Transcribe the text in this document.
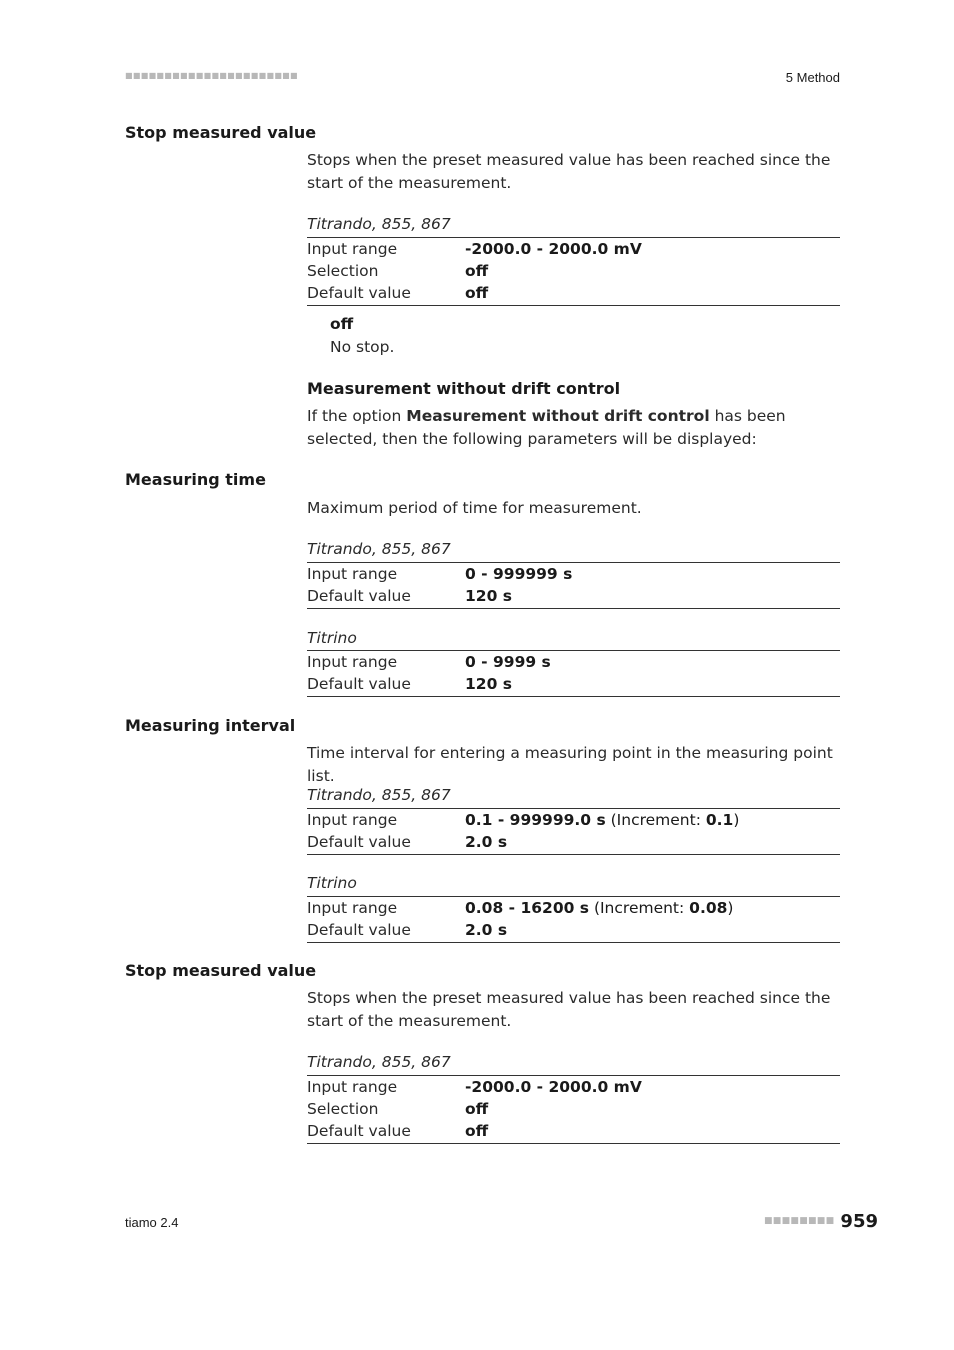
■■■■■■■■■■■■■■■■■■■■■■	5 Method
Stop measured value
Stops when the preset measured value has been reached since the start of the measurement.
Titrando, 855, 867
Input range	-2000.0 - 2000.0 mV
Selection	off
Default value	off
off
No stop.
Measurement without drift control
If the option Measurement without drift control has been selected, then the following parameters will be displayed:
Measuring time
Maximum period of time for measurement.
Titrando, 855, 867
Input range	0 - 999999 s
Default value	120 s
Titrino
Input range	0 - 9999 s
Default value	120 s
Measuring interval
Time interval for entering a measuring point in the measuring point list.
Titrando, 855, 867
Input range	0.1 - 999999.0 s (Increment: 0.1)
Default value	2.0 s
Titrino
Input range	0.08 - 16200 s (Increment: 0.08)
Default value	2.0 s
Stop measured value
Stops when the preset measured value has been reached since the start of the measurement.
Titrando, 855, 867
Input range	-2000.0 - 2000.0 mV
Selection	off
Default value	off
tiamo 2.4	■■■■■■■■ 959
